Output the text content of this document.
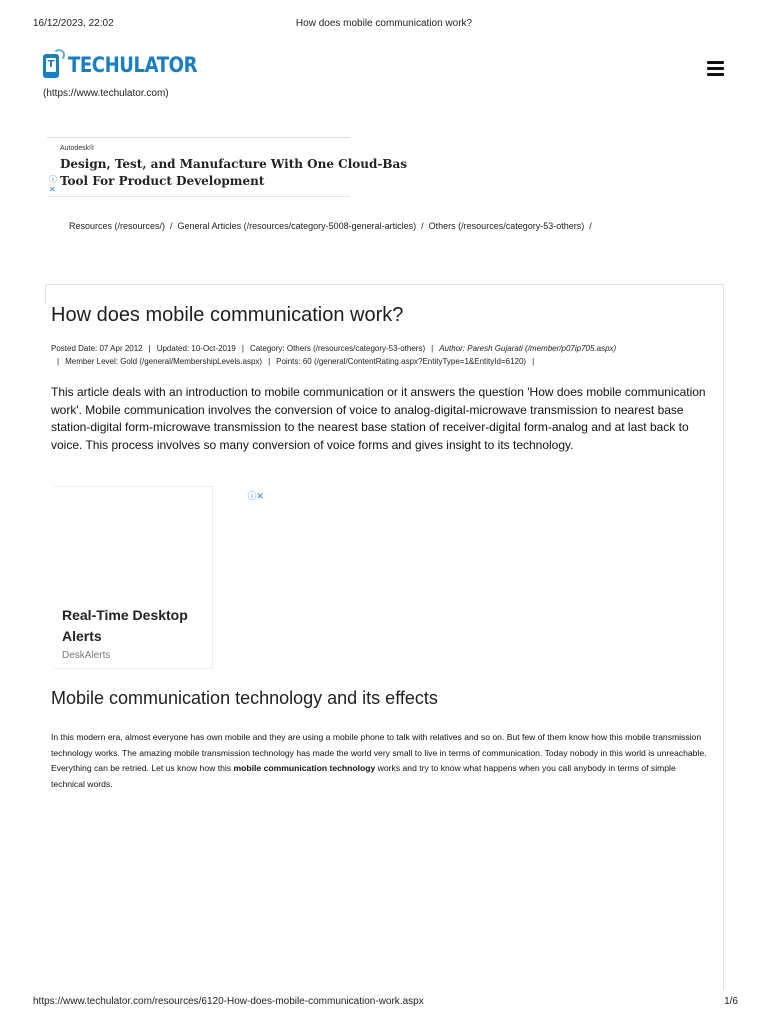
16/12/2023, 22:02	How does mobile communication work?
T TECHULATOR
(https://www.techulator.com)
Autodesk®
Design, Test, and Manufacture With One Cloud-Bas
Tool For Product Development
ⓘ
✕
Resources (/resources/) / General Articles (/resources/category-5008-general-articles) / Others (/resources/category-53-others) /
How does mobile communication work?
Posted Date: 07 Apr 2012 | Updated: 10-Oct-2019 | Category: Others (/resources/category-53-others) | Author: Paresh Gujarati (/member/p07ip705.aspx)
| Member Level: Gold (/general/MembershipLevels.aspx) | Points: 60 (/general/ContentRating.aspx?EntityType=1&EntityId=6120) |

This article deals with an introduction to mobile communication or it answers the question 'How does mobile communication work'. Mobile communication involves the conversion of voice to analog-digital-microwave transmission to nearest base station-digital form-microwave transmission to the nearest base station of receiver-digital form-analog and at last back to voice. This process involves so many conversion of voice forms and gives insight to its technology.

ⓘ✕
Real-Time Desktop Alerts
DeskAlerts
Mobile communication technology and its effects

In this modern era, almost everyone has own mobile and they are using a mobile phone to talk with relatives and so on. But few of them know how this mobile transmission technology works. The amazing mobile transmission technology has made the world very small to live in terms of communication. Today nobody in this world is unreachable. Everything can be retried. Let us know how this mobile communication technology works and try to know what happens when you call anybody in terms of simple technical words.

https://www.techulator.com/resources/6120-How-does-mobile-communication-work.aspx	1/6
